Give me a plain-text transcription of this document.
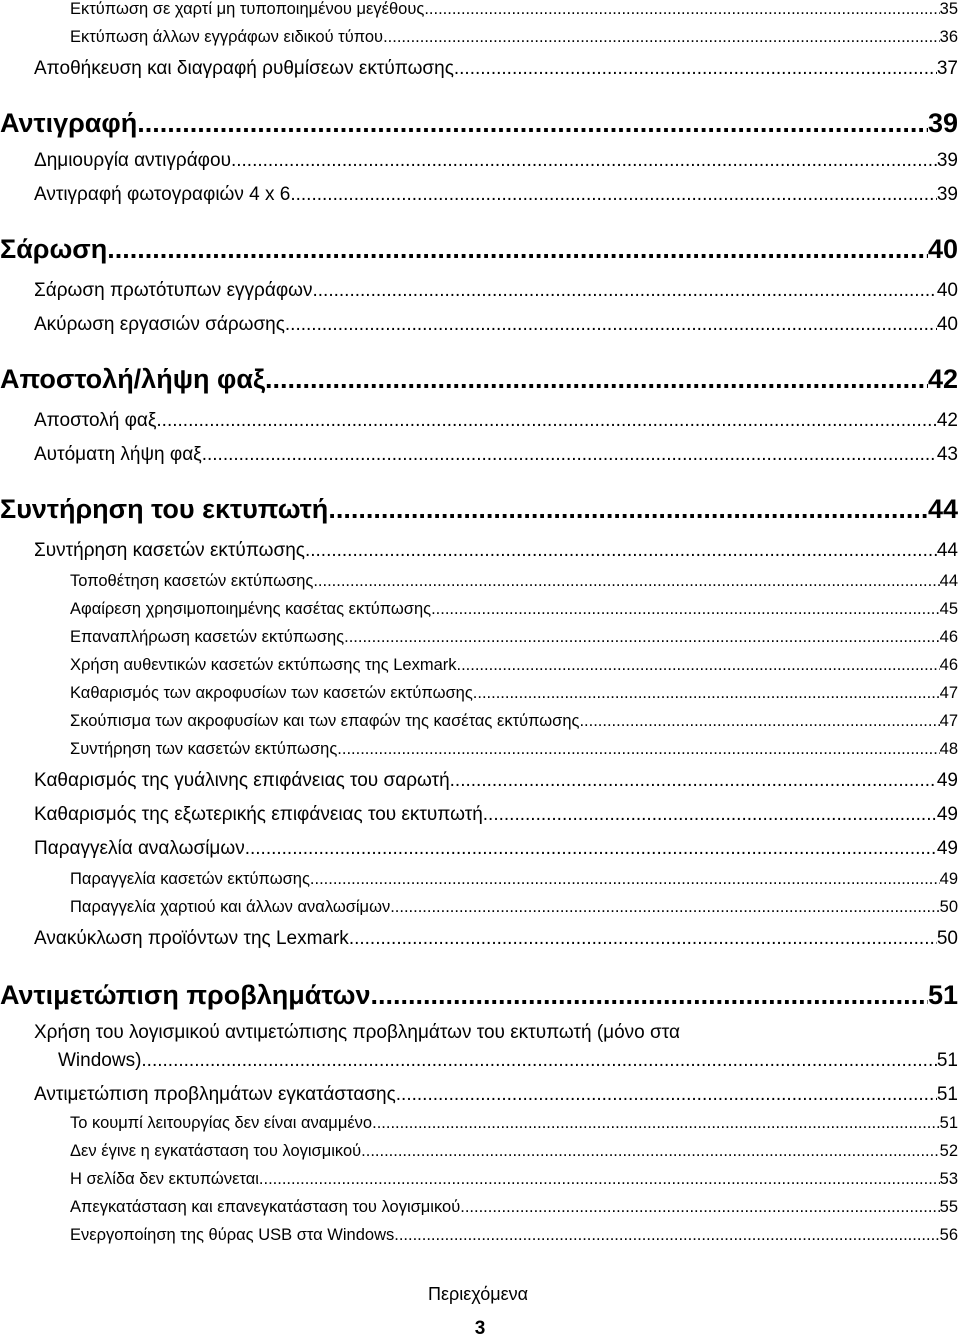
Εκτύπωση σε χαρτί μη τυποποιημένου μεγέθους .....	35
Εκτύπωση άλλων εγγράφων ειδικού τύπου .....	36
Αποθήκευση και διαγραφή ρυθμίσεων εκτύπωσης .....	37
Αντιγραφή .....	39
Δημιουργία αντιγράφου .....	39
Αντιγραφή φωτογραφιών 4 x 6 .....	39
Σάρωση .....	40
Σάρωση πρωτότυπων εγγράφων .....	40
Ακύρωση εργασιών σάρωσης .....	40
Αποστολή/λήψη φαξ .....	42
Αποστολή φαξ .....	42
Αυτόματη λήψη φαξ .....	43
Συντήρηση του εκτυπωτή .....	44
Συντήρηση κασετών εκτύπωσης .....	44
Τοποθέτηση κασετών εκτύπωσης .....	44
Αφαίρεση χρησιμοποιημένης κασέτας εκτύπωσης .....	45
Επαναπλήρωση κασετών εκτύπωσης .....	46
Χρήση αυθεντικών κασετών εκτύπωσης της Lexmark .....	46
Καθαρισμός των ακροφυσίων των κασετών εκτύπωσης .....	47
Σκούπισμα των ακροφυσίων και των επαφών της κασέτας εκτύπωσης .....	47
Συντήρηση των κασετών εκτύπωσης .....	48
Καθαρισμός της γυάλινης επιφάνειας του σαρωτή .....	49
Καθαρισμός της εξωτερικής επιφάνειας του εκτυπωτή .....	49
Παραγγελία αναλωσίμων .....	49
Παραγγελία κασετών εκτύπωσης .....	49
Παραγγελία χαρτιού και άλλων αναλωσίμων .....	50
Ανακύκλωση προϊόντων της Lexmark .....	50
Αντιμετώπιση προβλημάτων .....	51
Χρήση του λογισμικού αντιμετώπισης προβλημάτων του εκτυπωτή (μόνο στα
Windows) .....	51
Αντιμετώπιση προβλημάτων εγκατάστασης .....	51
Το κουμπί λειτουργίας δεν είναι αναμμένο .....	51
Δεν έγινε η εγκατάσταση του λογισμικού .....	52
Η σελίδα δεν εκτυπώνεται .....	53
Απεγκατάσταση και επανεγκατάσταση του λογισμικού .....	55
Ενεργοποίηση της θύρας USB στα Windows .....	56
Περιεχόμενα
3
